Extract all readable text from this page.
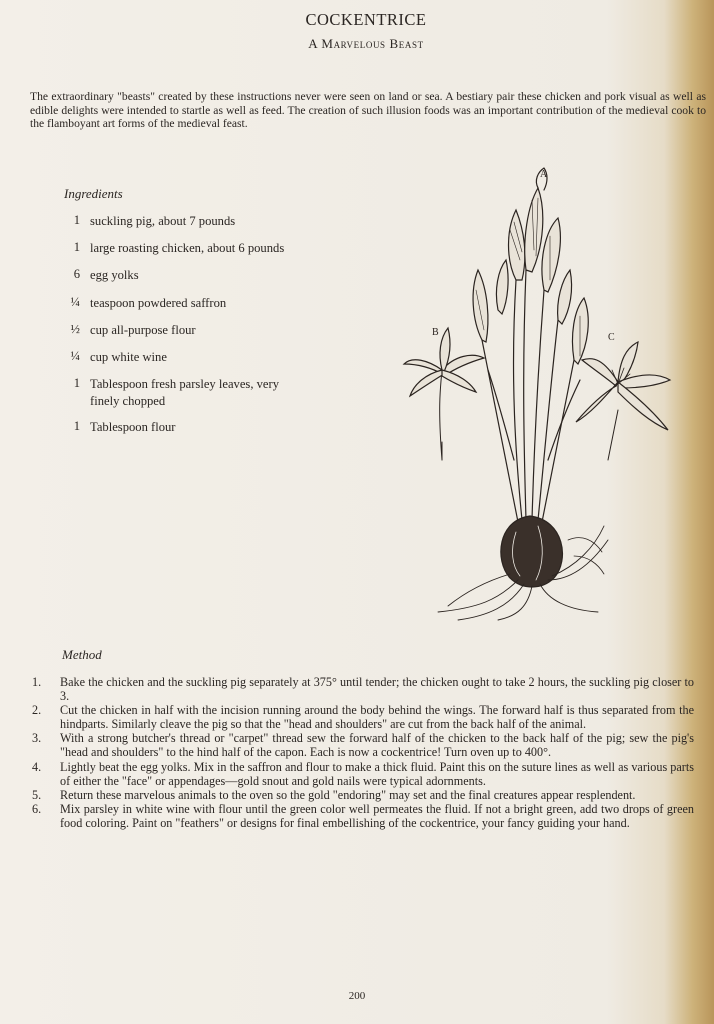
COCKENTRICE
A Marvelous Beast
The extraordinary "beasts" created by these instructions never were seen on land or sea. A bestiary pair these chicken and pork visual as well as edible delights were intended to startle as well as feed. The creation of such illusion foods was an important contribution of the medieval cook to the flamboyant art forms of the medieval feast.
Ingredients
1 suckling pig, about 7 pounds
1 large roasting chicken, about 6 pounds
6 egg yolks
¼ teaspoon powdered saffron
½ cup all-purpose flour
¼ cup white wine
1 Tablespoon fresh parsley leaves, very finely chopped
1 Tablespoon flour
A
B	C
Method
1.	Bake the chicken and the suckling pig separately at 375° until tender; the chicken ought to take 2 hours, the suckling pig closer to 3.
2.	Cut the chicken in half with the incision running around the body behind the wings. The forward half is thus separated from the hindparts. Similarly cleave the pig so that the "head and shoulders" are cut from the back half of the animal.
3.	With a strong butcher's thread or "carpet" thread sew the forward half of the chicken to the back half of the pig; sew the pig's "head and shoulders" to the hind half of the capon. Each is now a cockentrice! Turn oven up to 400°.
4.	Lightly beat the egg yolks. Mix in the saffron and flour to make a thick fluid. Paint this on the suture lines as well as various parts of either the "face" or appendages—gold snout and gold nails were typical adornments.
5.	Return these marvelous animals to the oven so the gold "endoring" may set and the final creatures appear resplendent.
6.	Mix parsley in white wine with flour until the green color well permeates the fluid. If not a bright green, add two drops of green food coloring. Paint on "feathers" or designs for final embellishing of the cockentrice, your fancy guiding your hand.
200
